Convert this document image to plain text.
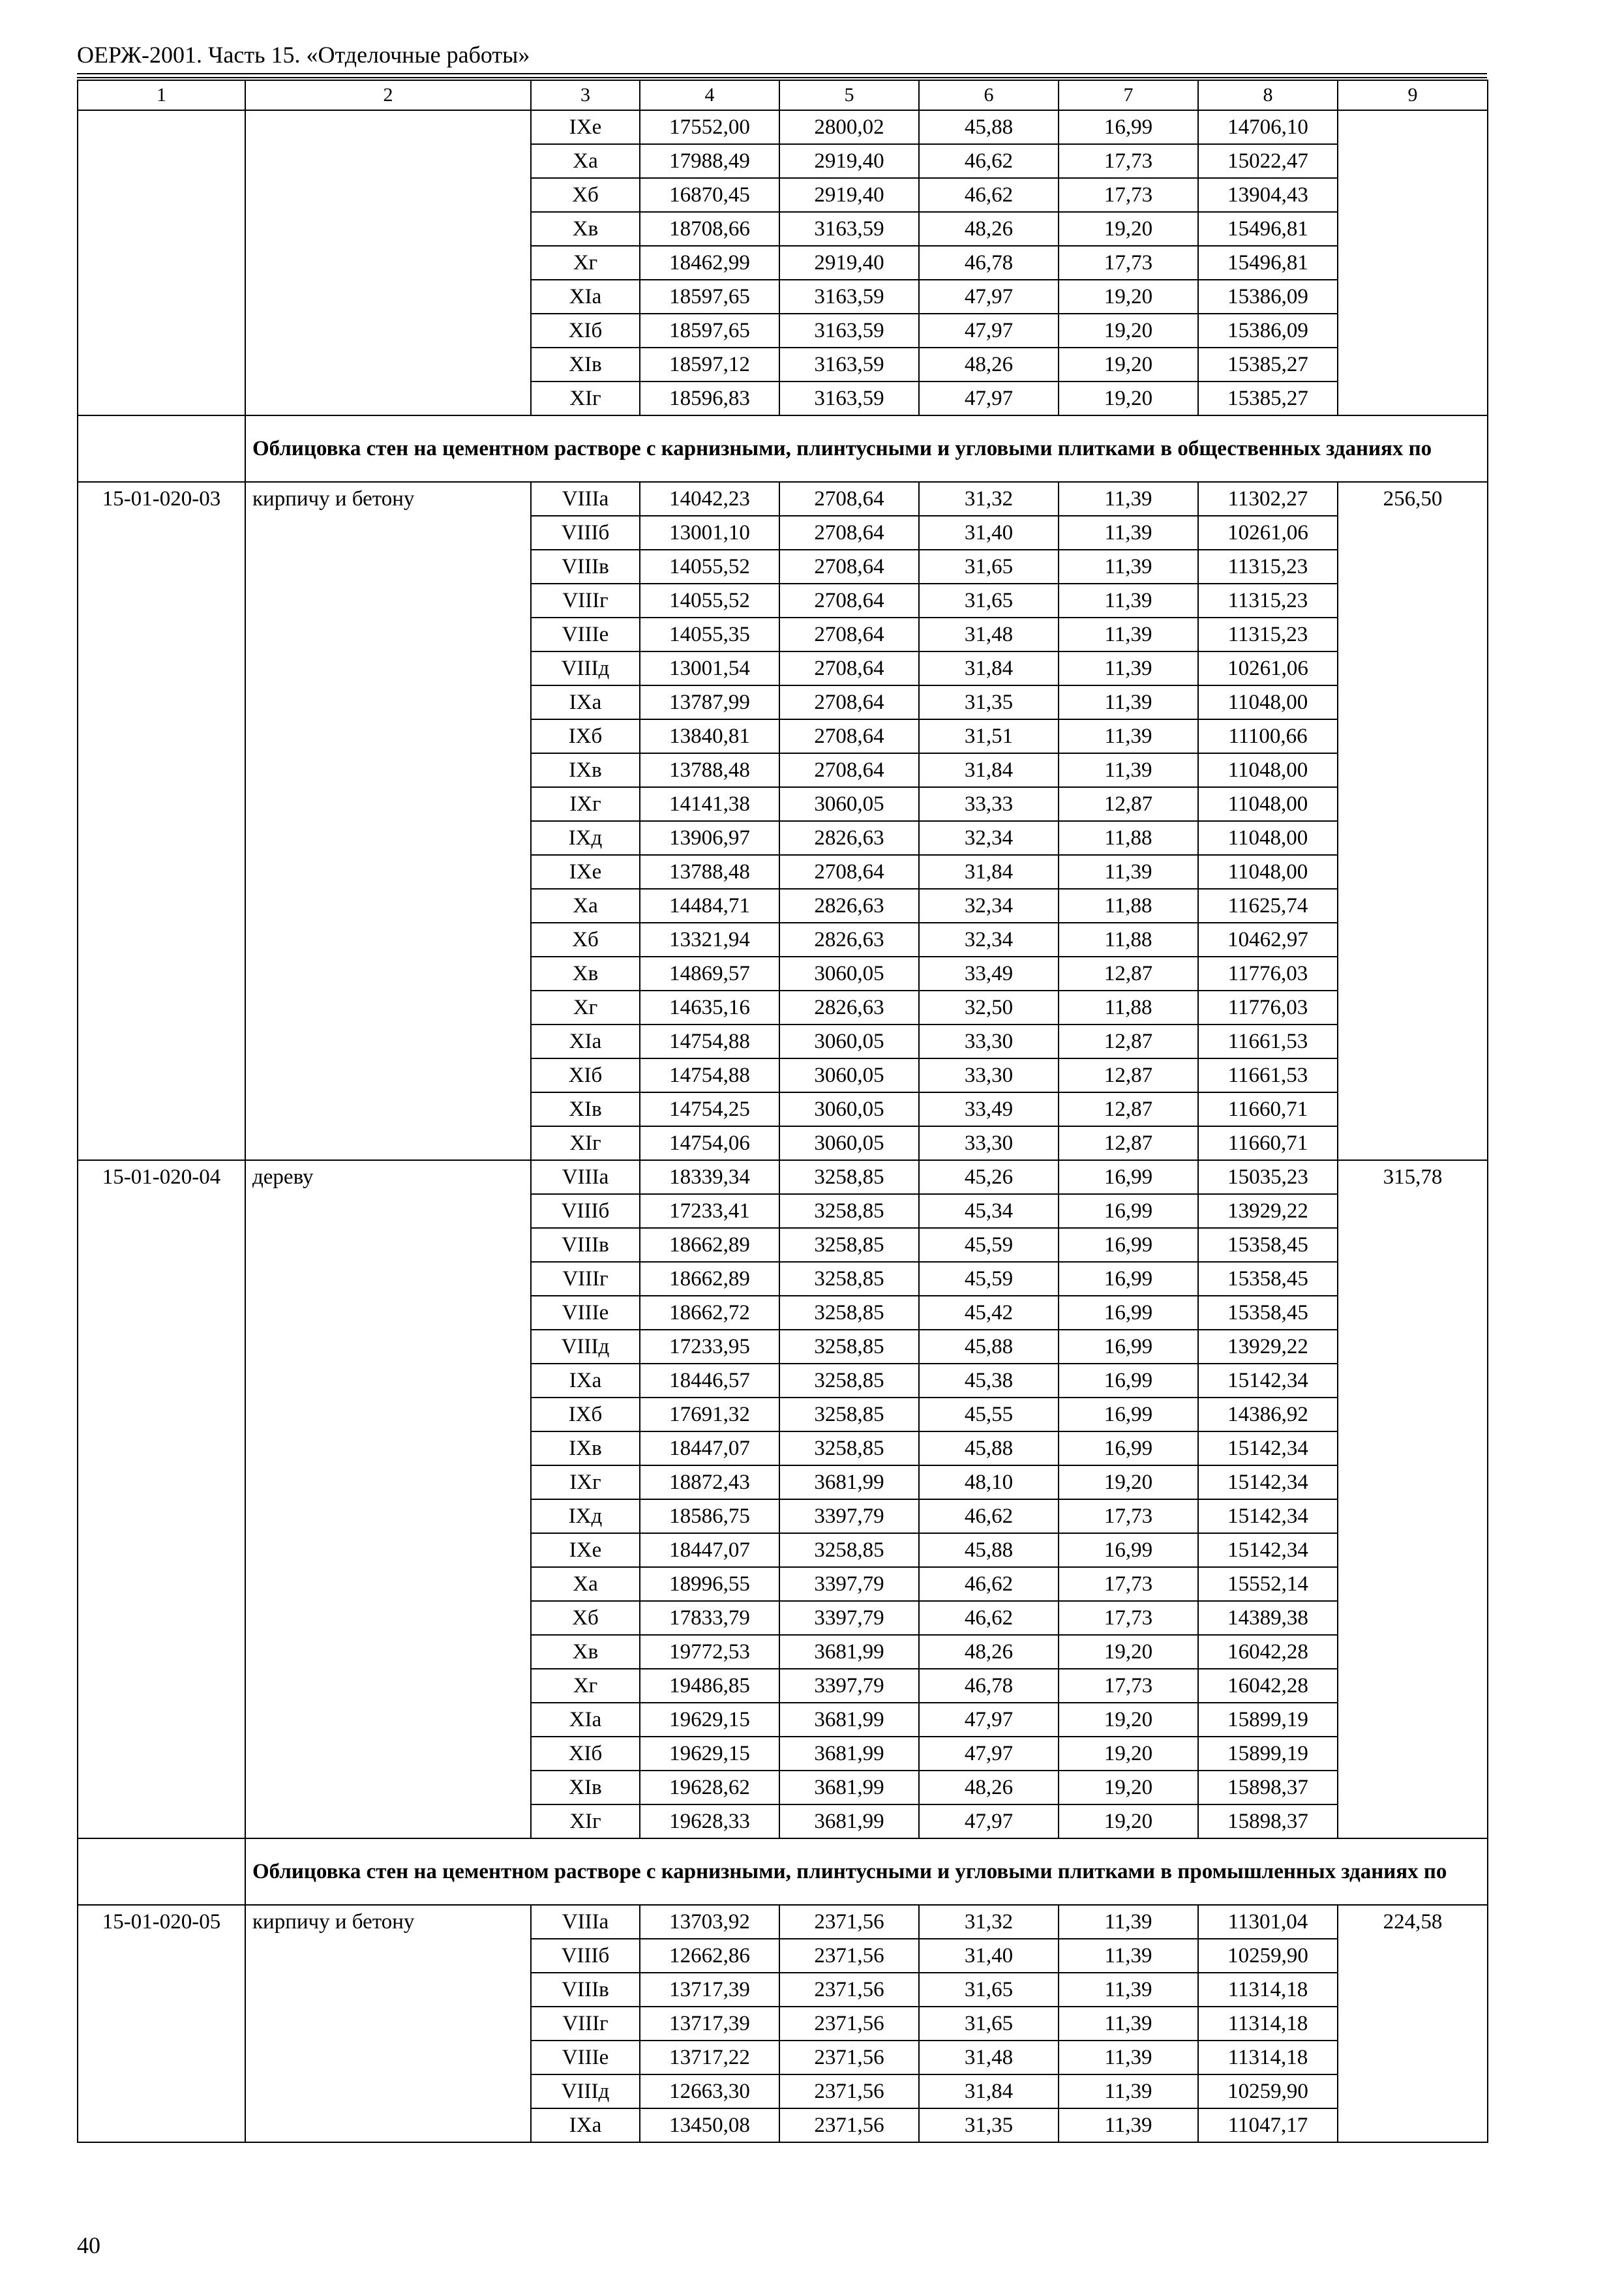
ОЕРЖ-2001. Часть 15. «Отделочные работы»
1	2	3	4	5	6	7	8	9
		IXе	17552,00	2800,02	45,88	16,99	14706,10	
		Xа	17988,49	2919,40	46,62	17,73	15022,47	
		Xб	16870,45	2919,40	46,62	17,73	13904,43	
		Xв	18708,66	3163,59	48,26	19,20	15496,81	
		Xг	18462,99	2919,40	46,78	17,73	15496,81	
		XIа	18597,65	3163,59	47,97	19,20	15386,09	
		XIб	18597,65	3163,59	47,97	19,20	15386,09	
		XIв	18597,12	3163,59	48,26	19,20	15385,27	
		XIг	18596,83	3163,59	47,97	19,20	15385,27	
	Облицовка стен на цементном растворе с карнизными, плинтусными и угловыми плитками в общественных зданиях по							
15-01-020-03	кирпичу и бетону	VIIIа	14042,23	2708,64	31,32	11,39	11302,27	256,50
		VIIIб	13001,10	2708,64	31,40	11,39	10261,06	
		VIIIв	14055,52	2708,64	31,65	11,39	11315,23	
		VIIIг	14055,52	2708,64	31,65	11,39	11315,23	
		VIIIе	14055,35	2708,64	31,48	11,39	11315,23	
		VIIIд	13001,54	2708,64	31,84	11,39	10261,06	
		IXа	13787,99	2708,64	31,35	11,39	11048,00	
		IXб	13840,81	2708,64	31,51	11,39	11100,66	
		IXв	13788,48	2708,64	31,84	11,39	11048,00	
		IXг	14141,38	3060,05	33,33	12,87	11048,00	
		IXд	13906,97	2826,63	32,34	11,88	11048,00	
		IXе	13788,48	2708,64	31,84	11,39	11048,00	
		Xа	14484,71	2826,63	32,34	11,88	11625,74	
		Xб	13321,94	2826,63	32,34	11,88	10462,97	
		Xв	14869,57	3060,05	33,49	12,87	11776,03	
		Xг	14635,16	2826,63	32,50	11,88	11776,03	
		XIа	14754,88	3060,05	33,30	12,87	11661,53	
		XIб	14754,88	3060,05	33,30	12,87	11661,53	
		XIв	14754,25	3060,05	33,49	12,87	11660,71	
		XIг	14754,06	3060,05	33,30	12,87	11660,71	
15-01-020-04	дереву	VIIIа	18339,34	3258,85	45,26	16,99	15035,23	315,78
		VIIIб	17233,41	3258,85	45,34	16,99	13929,22	
		VIIIв	18662,89	3258,85	45,59	16,99	15358,45	
		VIIIг	18662,89	3258,85	45,59	16,99	15358,45	
		VIIIе	18662,72	3258,85	45,42	16,99	15358,45	
		VIIIд	17233,95	3258,85	45,88	16,99	13929,22	
		IXа	18446,57	3258,85	45,38	16,99	15142,34	
		IXб	17691,32	3258,85	45,55	16,99	14386,92	
		IXв	18447,07	3258,85	45,88	16,99	15142,34	
		IXг	18872,43	3681,99	48,10	19,20	15142,34	
		IXд	18586,75	3397,79	46,62	17,73	15142,34	
		IXе	18447,07	3258,85	45,88	16,99	15142,34	
		Xа	18996,55	3397,79	46,62	17,73	15552,14	
		Xб	17833,79	3397,79	46,62	17,73	14389,38	
		Xв	19772,53	3681,99	48,26	19,20	16042,28	
		Xг	19486,85	3397,79	46,78	17,73	16042,28	
		XIа	19629,15	3681,99	47,97	19,20	15899,19	
		XIб	19629,15	3681,99	47,97	19,20	15899,19	
		XIв	19628,62	3681,99	48,26	19,20	15898,37	
		XIг	19628,33	3681,99	47,97	19,20	15898,37	
	Облицовка стен на цементном растворе с карнизными, плинтусными и угловыми плитками в промышленных зданиях по							
15-01-020-05	кирпичу и бетону	VIIIа	13703,92	2371,56	31,32	11,39	11301,04	224,58
		VIIIб	12662,86	2371,56	31,40	11,39	10259,90	
		VIIIв	13717,39	2371,56	31,65	11,39	11314,18	
		VIIIг	13717,39	2371,56	31,65	11,39	11314,18	
		VIIIе	13717,22	2371,56	31,48	11,39	11314,18	
		VIIIд	12663,30	2371,56	31,84	11,39	10259,90	
		IXа	13450,08	2371,56	31,35	11,39	11047,17	
40
